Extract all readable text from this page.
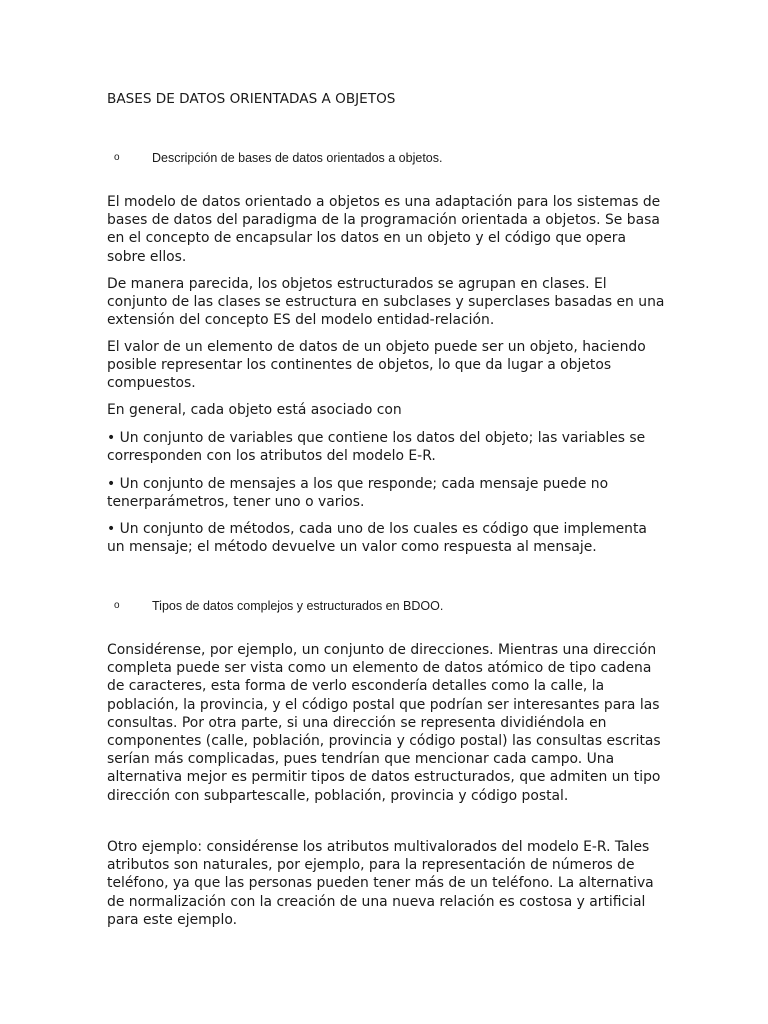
BASES DE DATOS ORIENTADAS A OBJETOS
o	Descripción de bases de datos orientados a objetos.

El modelo de datos orientado a objetos es una adaptación para los sistemas de bases de datos del paradigma de la programación orientada a objetos. Se basa en el concepto de encapsular los datos en un objeto y el código que opera sobre ellos.

De manera parecida, los objetos estructurados se agrupan en clases. El conjunto de las clases se estructura en subclases y superclases basadas en una extensión del concepto ES del modelo entidad-relación.

El valor de un elemento de datos de un objeto puede ser un objeto, haciendo posible representar los continentes de objetos, lo que da lugar a objetos compuestos.

En general, cada objeto está asociado con

• Un conjunto de variables que contiene los datos del objeto; las variables se corresponden con los atributos del modelo E-R.

• Un conjunto de mensajes a los que responde; cada mensaje puede no tenerparámetros, tener uno o varios.

• Un conjunto de métodos, cada uno de los cuales es código que implementa un mensaje; el método devuelve un valor como respuesta al mensaje.

o	Tipos de datos complejos y estructurados en BDOO.

Considérense, por ejemplo, un conjunto de direcciones. Mientras una dirección completa puede ser vista como un elemento de datos atómico de tipo cadena de caracteres, esta forma de verlo escondería detalles como la calle, la población, la provincia, y el código postal que podrían ser interesantes para las consultas. Por otra parte, si una dirección se representa dividiéndola en componentes (calle, población, provincia y código postal) las consultas escritas serían más complicadas, pues tendrían que mencionar cada campo. Una alternativa mejor es permitir tipos de datos estructurados, que admiten un tipo dirección con subpartescalle, población, provincia y código postal.

Otro ejemplo: considérense los atributos multivalorados del modelo E-R. Tales atributos son naturales, por ejemplo, para la representación de números de teléfono, ya que las personas pueden tener más de un teléfono. La alternativa de normalización con la creación de una nueva relación es costosa y artificial para este ejemplo.
